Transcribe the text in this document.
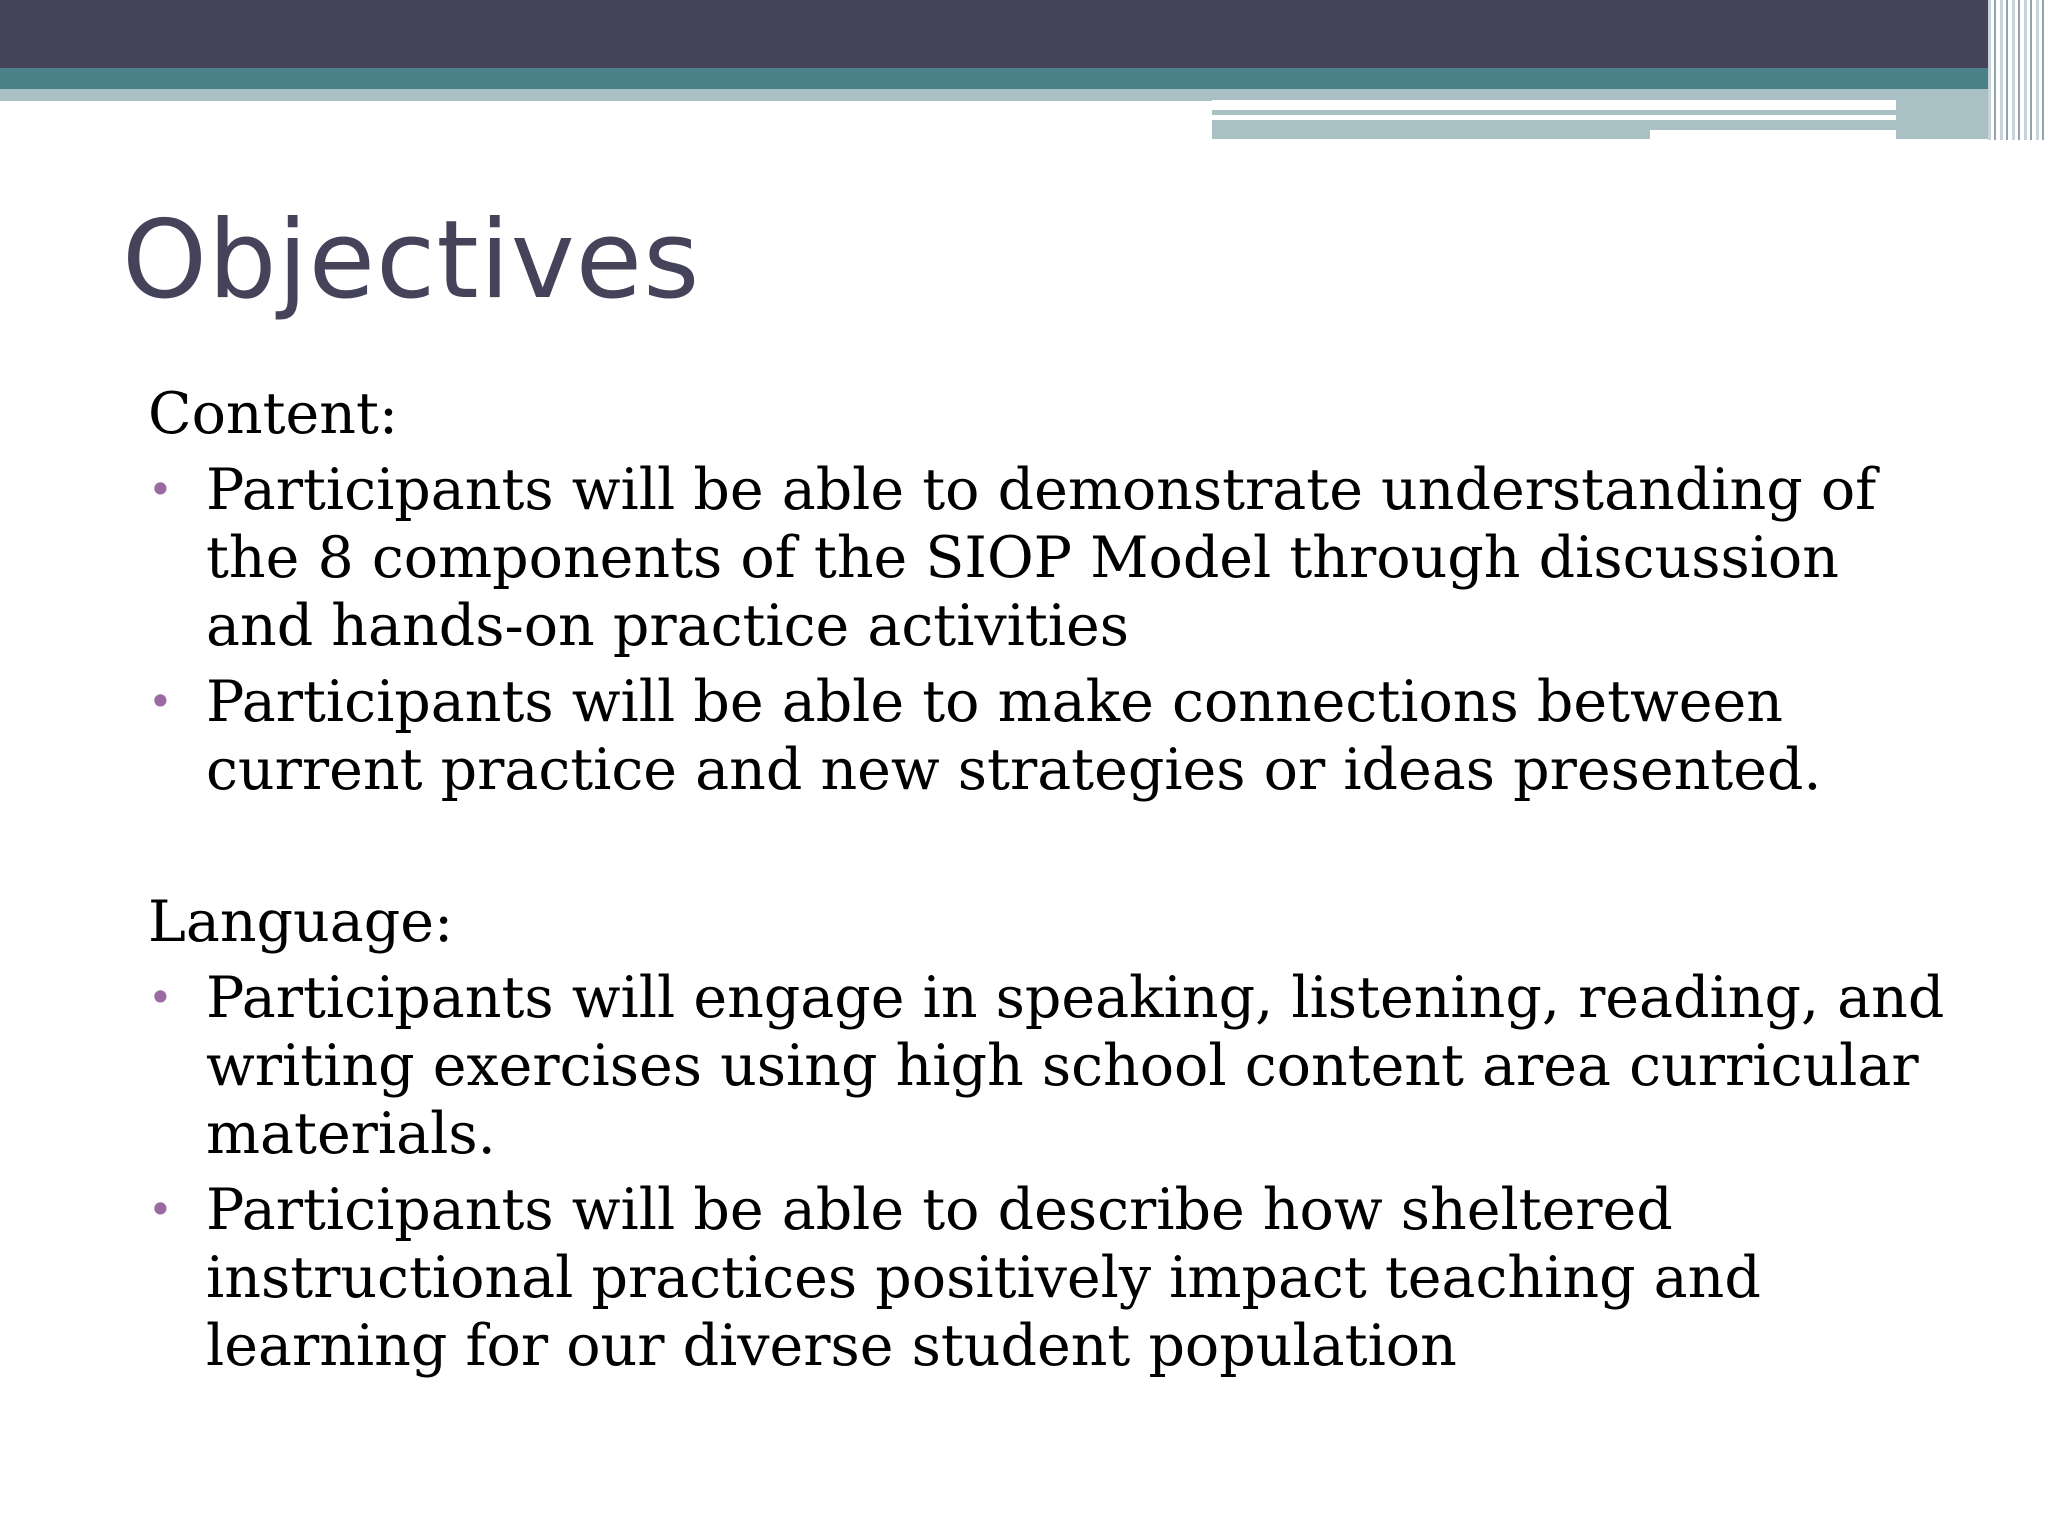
Objectives

Content:

• Participants will be able to demonstrate understanding of the 8 components of the SIOP Model through discussion and hands-on practice activities
• Participants will be able to make connections between current practice and new strategies or ideas presented.

Language:

• Participants will engage in speaking, listening, reading, and writing exercises using high school content area curricular materials.
• Participants will be able to describe how sheltered instructional practices positively impact teaching and learning for our diverse student population
